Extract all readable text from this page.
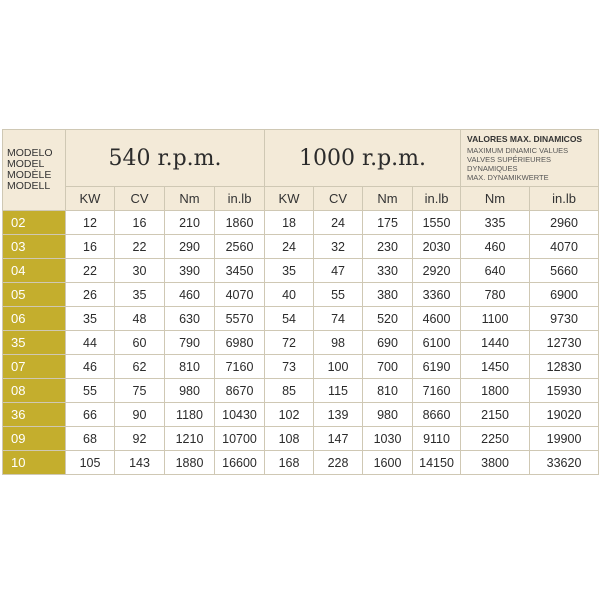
MODELO
MODEL
MODÈLE
MODELL	540 r.p.m.				1000 r.p.m.				VALORES MAX. DINAMICOS
MAXIMUM DINAMIC VALUES
VALVES SUPÉRIEURES
DYNAMIQUES
MAX. DYNAMIKWERTE	

	KW	CV	Nm	in.lb	KW	CV	Nm	in.lb	Nm	in.lb
02	12	16	210	1860	18	24	175	1550	335	2960
03	16	22	290	2560	24	32	230	2030	460	4070
04	22	30	390	3450	35	47	330	2920	640	5660
05	26	35	460	4070	40	55	380	3360	780	6900
06	35	48	630	5570	54	74	520	4600	1100	9730
35	44	60	790	6980	72	98	690	6100	1440	12730
07	46	62	810	7160	73	100	700	6190	1450	12830
08	55	75	980	8670	85	115	810	7160	1800	15930
36	66	90	1180	10430	102	139	980	8660	2150	19020
09	68	92	1210	10700	108	147	1030	9110	2250	19900
10	105	143	1880	16600	168	228	1600	14150	3800	33620
